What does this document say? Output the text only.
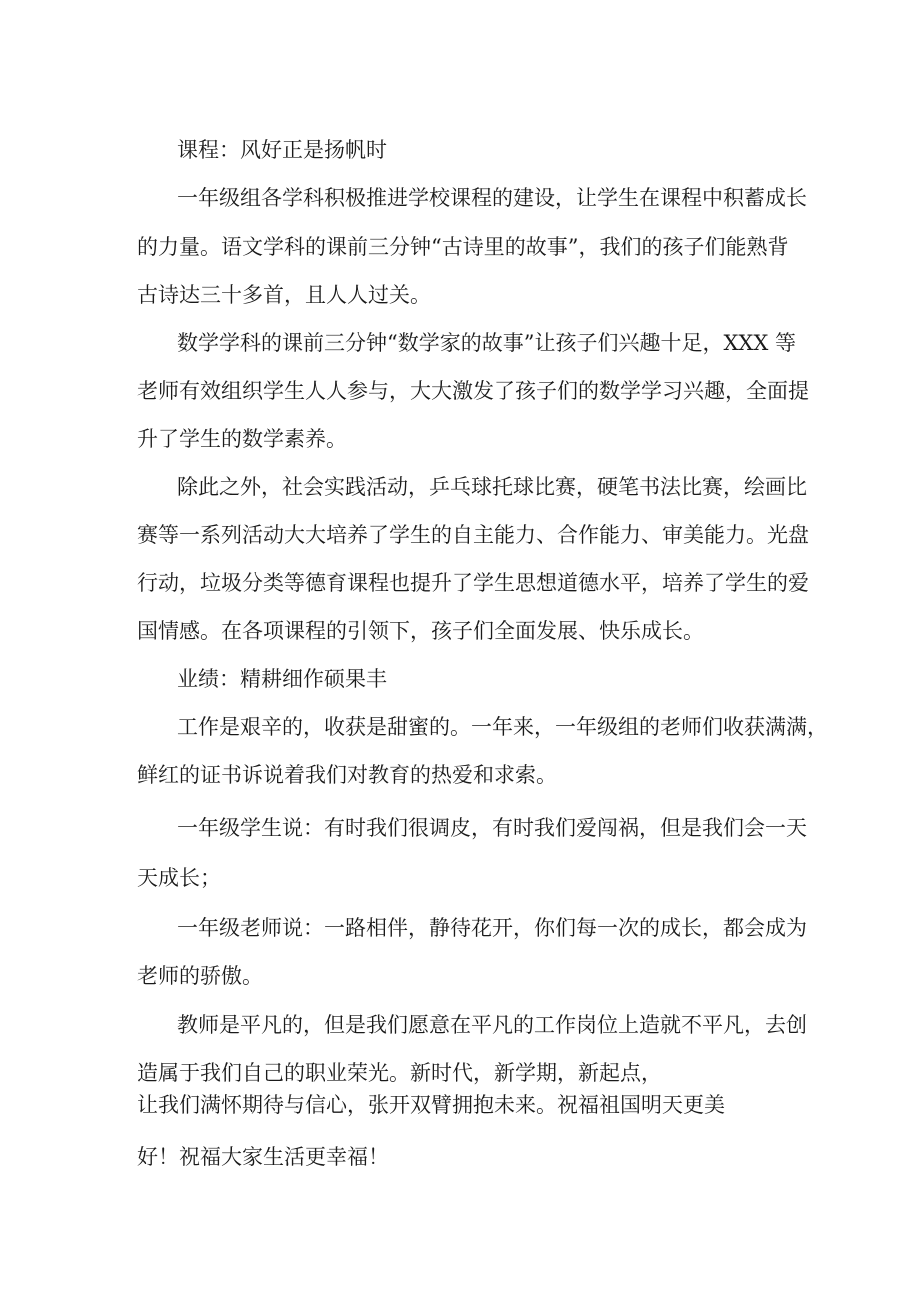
课程：风好正是扬帆时
一年级组各学科积极推进学校课程的建设，让学生在课程中积蓄成长
的力量。语文学科的课前三分钟“古诗里的故事”，我们的孩子们能熟背
古诗达三十多首，且人人过关。
数学学科的课前三分钟“数学家的故事”让孩子们兴趣十足，XXX 等
老师有效组织学生人人参与，大大激发了孩子们的数学学习兴趣，全面提
升了学生的数学素养。
除此之外，社会实践活动，乒乓球托球比赛，硬笔书法比赛，绘画比
赛等一系列活动大大培养了学生的自主能力、合作能力、审美能力。光盘
行动，垃圾分类等德育课程也提升了学生思想道德水平，培养了学生的爱
国情感。在各项课程的引领下，孩子们全面发展、快乐成长。
业绩：精耕细作硕果丰
工作是艰辛的，收获是甜蜜的。一年来，一年级组的老师们收获满满，
鲜红的证书诉说着我们对教育的热爱和求索。
一年级学生说：有时我们很调皮，有时我们爱闯祸，但是我们会一天
天成长；
一年级老师说：一路相伴，静待花开，你们每一次的成长，都会成为
老师的骄傲。
教师是平凡的，但是我们愿意在平凡的工作岗位上造就不平凡，去创
造属于我们自己的职业荣光。新时代，新学期，新起点，
让我们满怀期待与信心，张开双臂拥抱未来。祝福祖国明天更美
好！祝福大家生活更幸福！
